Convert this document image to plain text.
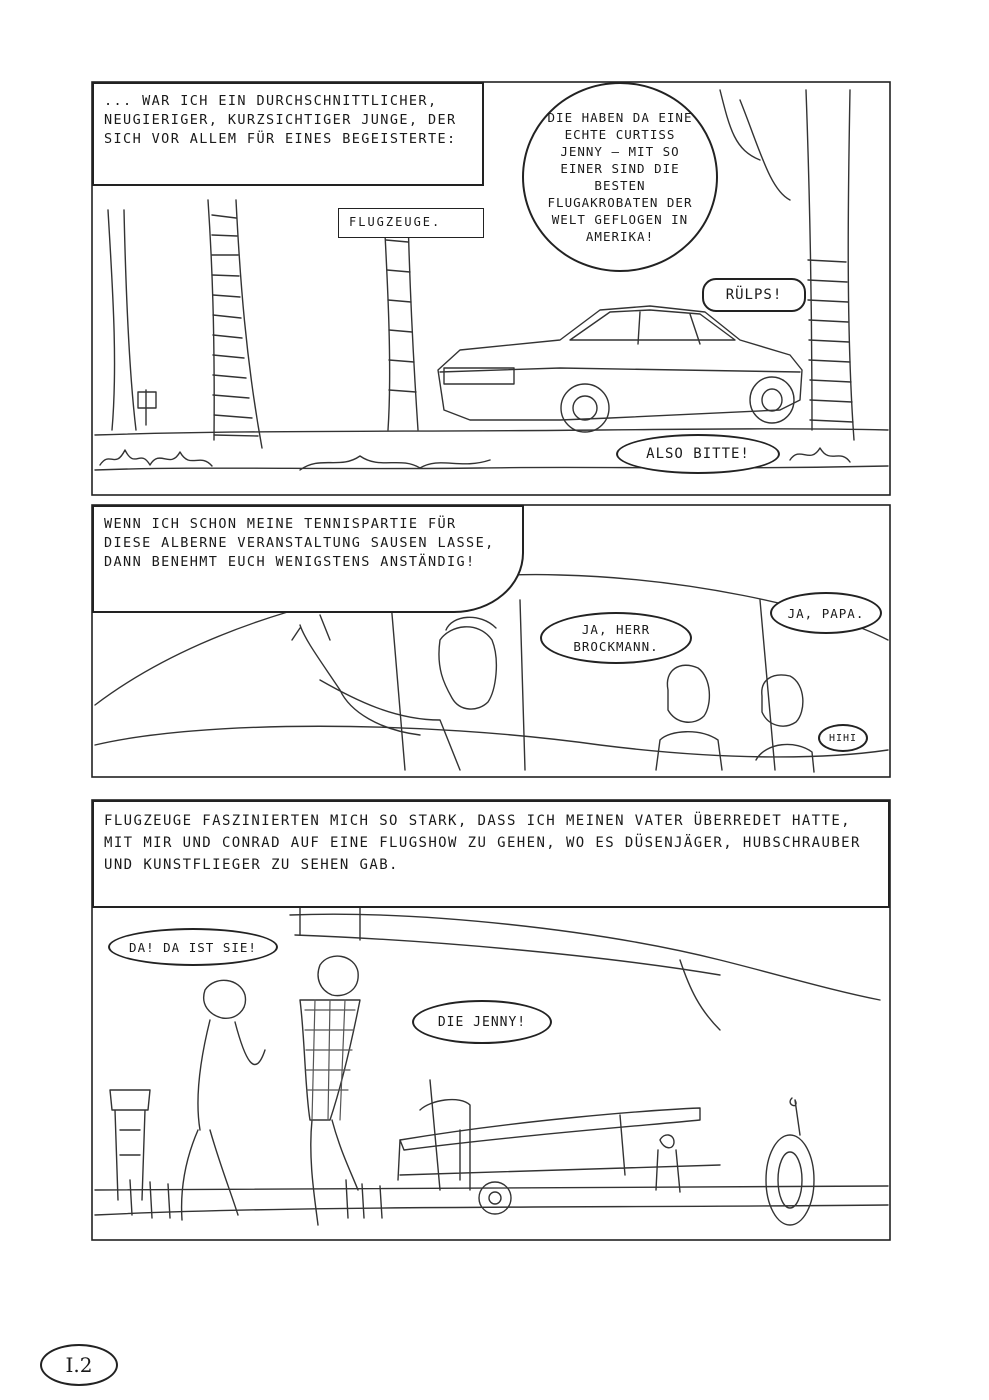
... WAR ICH EIN DURCHSCHNITTLICHER, NEUGIERIGER, KURZSICHTIGER JUNGE, DER SICH VOR ALLEM FÜR EINES BEGEISTERTE:
FLUGZEUGE.
DIE HABEN DA EINE ECHTE CURTISS JENNY – MIT SO EINER SIND DIE BESTEN FLUGAKROBATEN DER WELT GEFLOGEN IN AMERIKA!
RÜLPS!
ALSO BITTE!
WENN ICH SCHON MEINE TENNISPARTIE FÜR DIESE ALBERNE VERANSTALTUNG SAUSEN LASSE, DANN BENEHMT EUCH WENIGSTENS ANSTÄNDIG!
JA, PAPA.
JA, HERR BROCKMANN.
HIHI
FLUGZEUGE FASZINIERTEN MICH SO STARK, DASS ICH MEINEN VATER ÜBERREDET HATTE, MIT MIR UND CONRAD AUF EINE FLUGSHOW ZU GEHEN, WO ES DÜSENJÄGER, HUBSCHRAUBER UND KUNSTFLIEGER ZU SEHEN GAB.
DA! DA IST SIE!
DIE JENNY!
I.2
